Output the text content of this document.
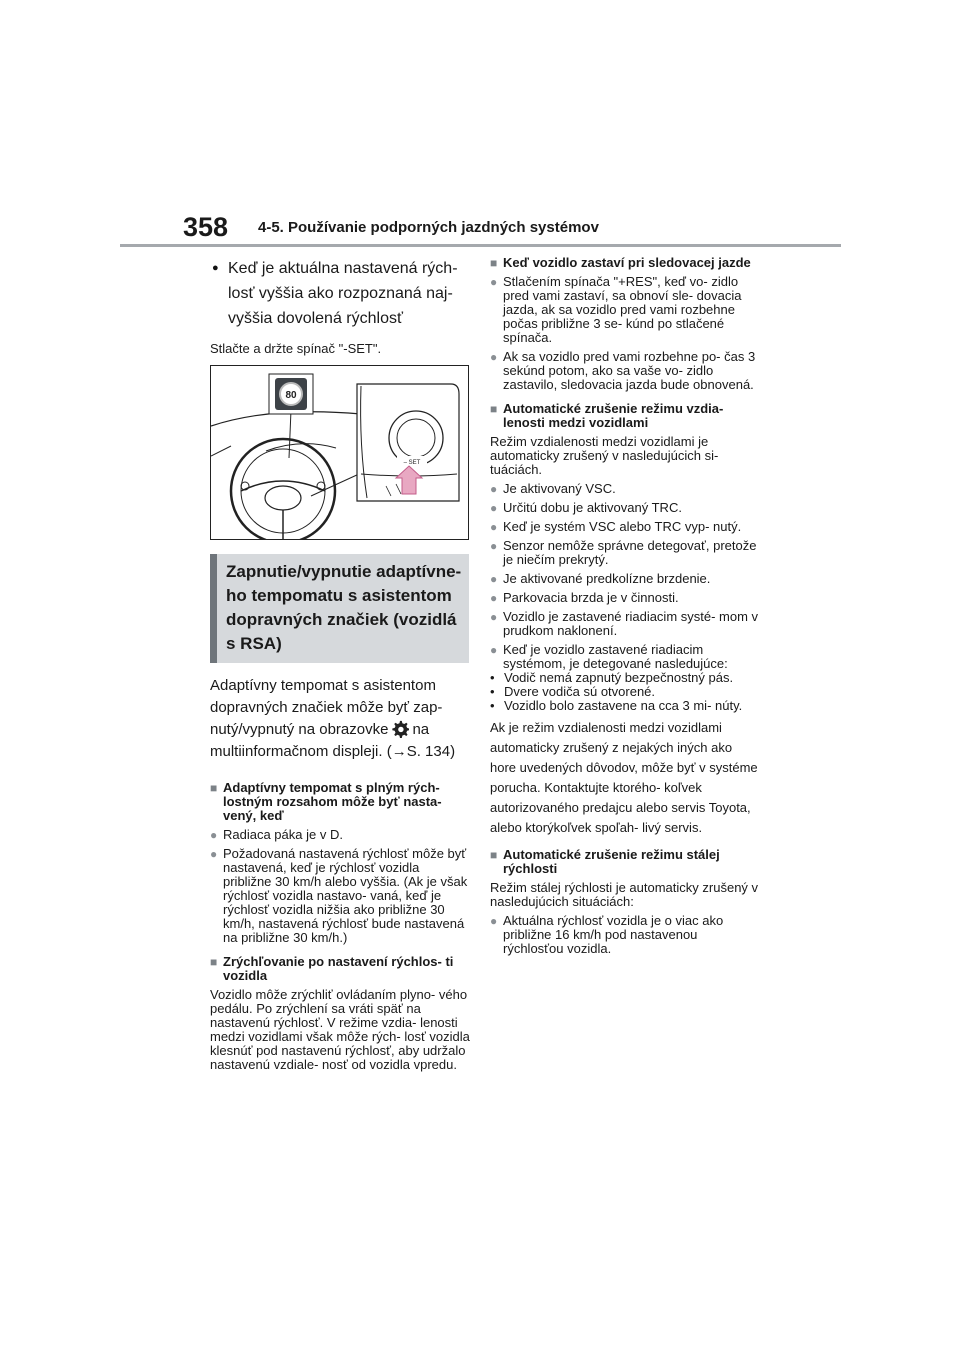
358 4-5. Používanie podporných jazdných systémov
● Keď je aktuálna nastavená rých- losť vyššia ako rozpoznaná naj- vyššia dovolená rýchlosť
Stlačte a držte spínač "-SET".
80
– SET
Zapnutie/vypnutie adaptívne- ho tempomatu s asistentom dopravných značiek (vozidlá s RSA)
Adaptívny tempomat s asistentom dopravných značiek môže byť zap- nutý/vypnutý na obrazovke na multiinformačnom displeji. (→S. 134)
■ Adaptívny tempomat s plným rých- lostným rozsahom môže byť nasta- vený, keď
● Radiaca páka je v D.
● Požadovaná nastavená rýchlosť môže byť nastavená, keď je rýchlosť vozidla približne 30 km/h alebo vyššia. (Ak je však rýchlosť vozidla nastavo- vaná, keď je rýchlosť vozidla nižšia ako približne 30 km/h, nastavená rýchlosť bude nastavená na približne 30 km/h.)
■ Zrýchľovanie po nastavení rýchlos- ti vozidla
Vozidlo môže zrýchliť ovládaním plyno- vého pedálu. Po zrýchlení sa vráti späť na nastavenú rýchlosť. V režime vzdia- lenosti medzi vozidlami však môže rých- losť vozidla klesnúť pod nastavenú rýchlosť, aby udržalo nastavenú vzdiale- nosť od vozidla vpredu.
■ Keď vozidlo zastaví pri sledovacej jazde
● Stlačením spínača "+RES", keď vo- zidlo pred vami zastaví, sa obnoví sle- dovacia jazda, ak sa vozidlo pred vami rozbehne počas približne 3 se- kúnd po stlačené spínača.
● Ak sa vozidlo pred vami rozbehne po- čas 3 sekúnd potom, ako sa vaše vo- zidlo zastavilo, sledovacia jazda bude obnovená.
■ Automatické zrušenie režimu vzdia- lenosti medzi vozidlami
Režim vzdialenosti medzi vozidlami je automaticky zrušený v nasledujúcich si- tuáciách.
● Je aktivovaný VSC.
● Určitú dobu je aktivovaný TRC.
● Keď je systém VSC alebo TRC vyp- nutý.
● Senzor nemôže správne detegovať, pretože je niečím prekrytý.
● Je aktivované predkolízne brzdenie.
● Parkovacia brzda je v činnosti.
● Vozidlo je zastavené riadiacim systé- mom v prudkom naklonení.
● Keď je vozidlo zastavené riadiacim systémom, je detegované nasledujúce:
• Vodič nemá zapnutý bezpečnostný pás.
• Dvere vodiča sú otvorené.
• Vozidlo bolo zastavene na cca 3 mi- núty.
Ak je režim vzdialenosti medzi vozidlami automaticky zrušený z nejakých iných ako hore uvedených dôvodov, môže byť v systéme porucha. Kontaktujte ktorého- koľvek autorizovaného predajcu alebo servis Toyota, alebo ktorýkoľvek spoľah- livý servis.
■ Automatické zrušenie režimu stálej rýchlosti
Režim stálej rýchlosti je automaticky zrušený v nasledujúcich situáciách:
● Aktuálna rýchlosť vozidla je o viac ako približne 16 km/h pod nastavenou rýchlosťou vozidla.
